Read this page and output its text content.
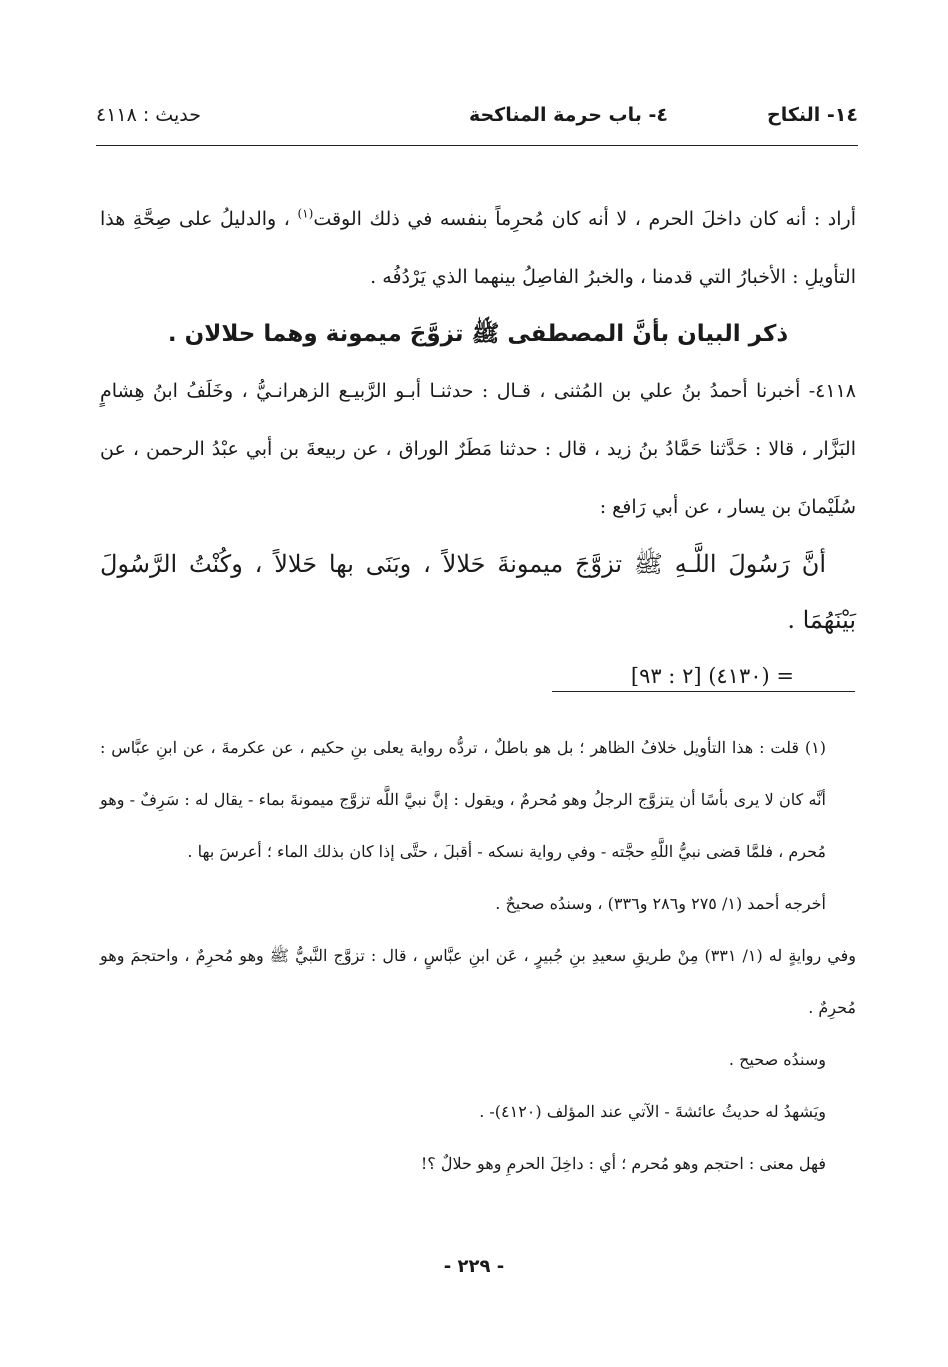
١٤- النكاح
٤- باب حرمة المناكحة
حديث : ٤١١٨

أراد : أنه كان داخلَ الحرم ، لا أنه كان مُحرِماً بنفسه في ذلك الوقت$^{(١)}$ ، والدليلُ على صِحَّةِ هذا التأويلِ : الأخبارُ التي قدمنا ، والخبرُ الفاصِلُ بينهما الذي يَرْدُفُه .

ذكر البيان بأنَّ المصطفى ﷺ تزوَّجَ ميمونة وهما حلالان .

٤١١٨- أخبرنا أحمدُ بنُ علي بن المُثنى ، قـال : حدثنـا أبـو الرَّبيـع الزهرانـيُّ ، وخَلَفُ ابنُ هِشامٍ البَزَّار ، قالا : حَدَّثنا حَمَّادُ بنُ زيد ، قال : حدثنا مَطَرٌ الوراق ، عن ربيعةَ بن أبي عبْدُ الرحمن ، عن سُلَيْمانَ بن يسار ، عن أبي رَافع :

أنَّ رَسُولَ اللَّـهِ ﷺ تزوَّجَ ميمونةَ حَلالاً ، وبَنَى بها حَلالاً ، وكُنْتُ الرَّسُولَ بَيْنَهُمَا .

= (٤١٣٠) [٢ : ٩٣]

(١) قلت : هذا التأويل خلافُ الظاهر ؛ بل هو باطلٌ ، تردُّه رواية يعلى بنِ حكيم ، عن عكرمةَ ، عن ابنِ عبَّاس : أنَّه كان لا يرى بأسًا أن يتزوَّج الرجلُ وهو مُحرمٌ ، ويقول : إنَّ نبيَّ اللَّه تزوَّج ميمونةَ بماء - يقال له : سَرِفٌ - وهو مُحرم ، فلمَّا قضى نبيُّ اللَّهِ حجَّته - وفي رواية نسكه - أقبلَ ، حتَّى إذا كان بذلك الماء ؛ أعرسَ بها .

أخرجه أحمد (١/ ٢٧٥ و٢٨٦ و٣٣٦) ، وسندُه صحيحٌ .

وفي روايةٍ له (١/ ٣٣١) مِنْ طريقِ سعيدِ بنِ جُبيرٍ ، عَن ابنِ عبَّاسٍ ، قال : تزوَّج النَّبيُّ ﷺ وهو مُحرِمٌ ، واحتجمَ وهو مُحرِمٌ .

وسندُه صحيح .

ويَشهدُ له حديثُ عائشةَ - الآتي عند المؤلف (٤١٢٠)- .

فهل معنى : احتجم وهو مُحرم ؛ أي : داخِلَ الحرمِ وهو حلالٌ ؟!

- ٢٢٩ -
